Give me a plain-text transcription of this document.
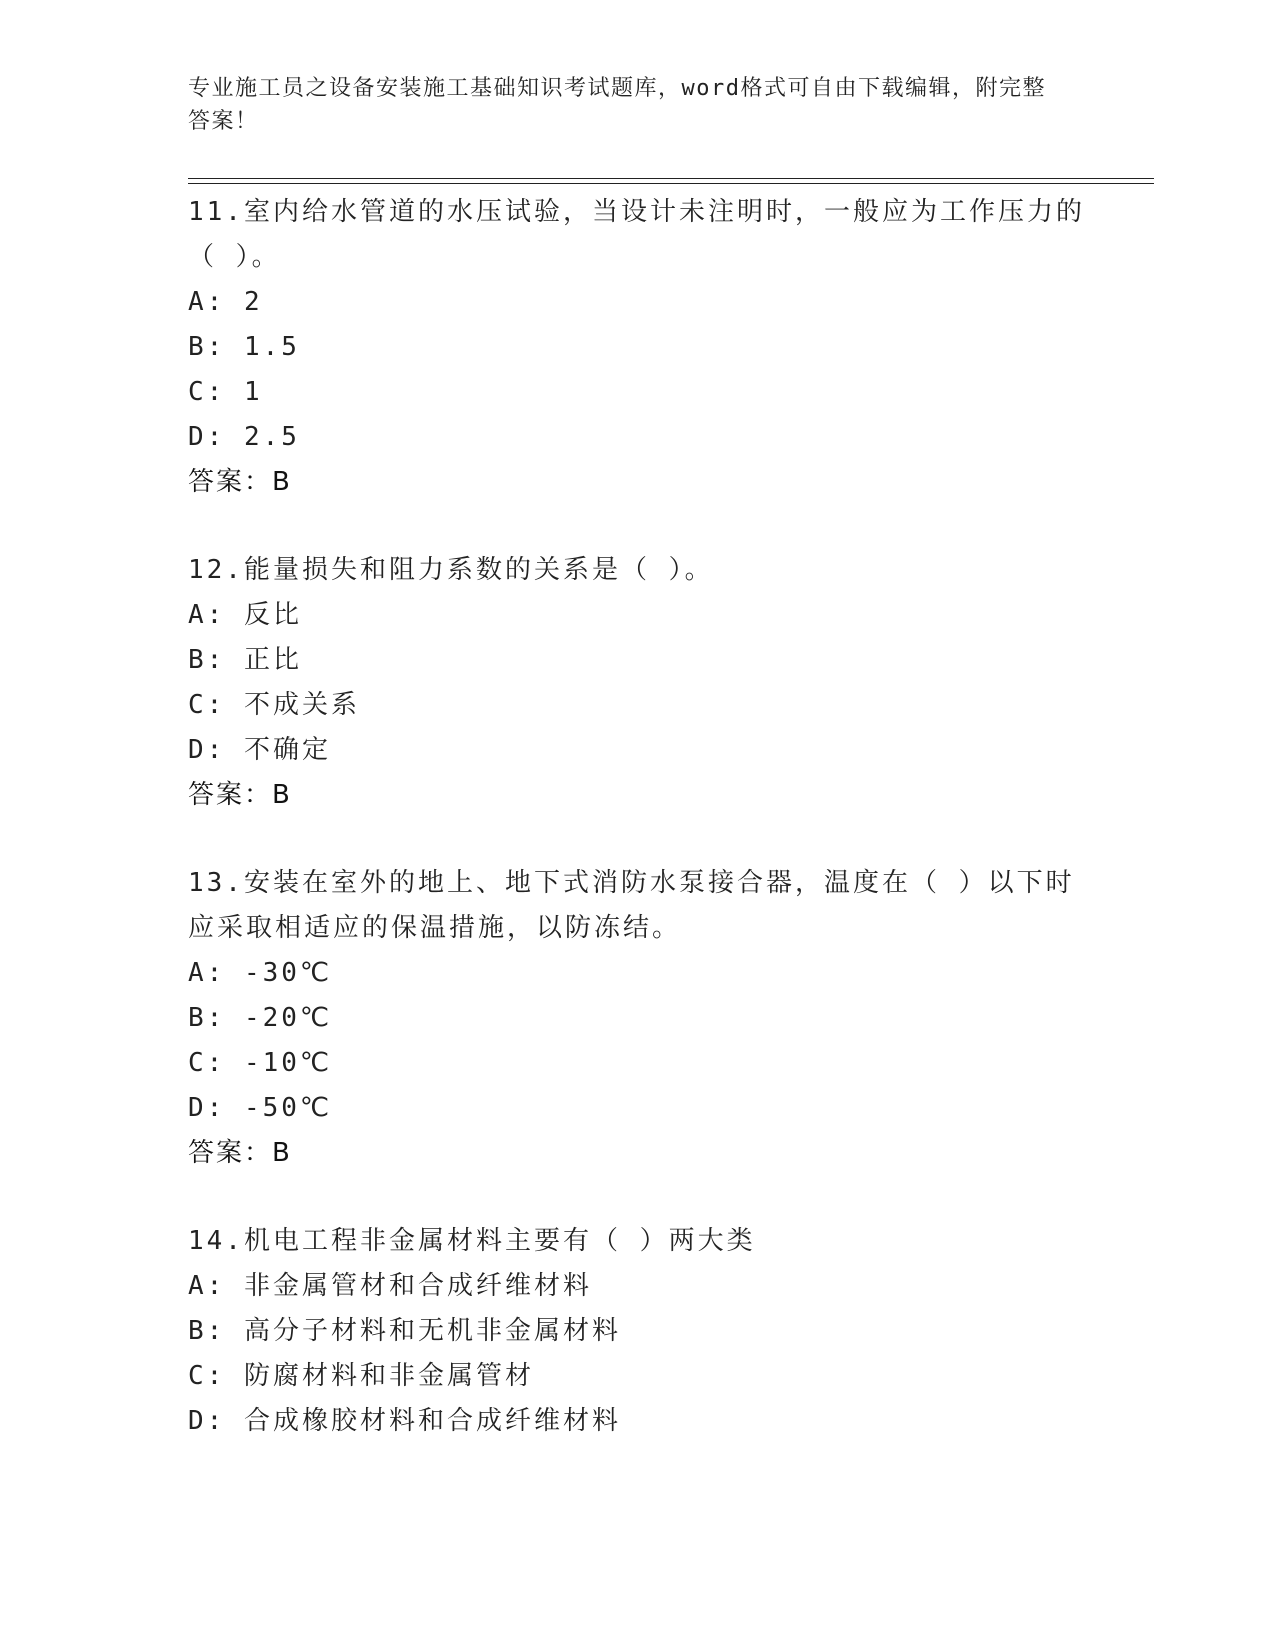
专业施工员之设备安装施工基础知识考试题库，word格式可自由下载编辑，附完整答案！
11.室内给水管道的水压试验，当设计未注明时，一般应为工作压力的（ ）。
A: 2
B: 1.5
C: 1
D: 2.5
答案：B
12.能量损失和阻力系数的关系是（ ）。
A: 反比
B: 正比
C: 不成关系
D: 不确定
答案：B
13.安装在室外的地上、地下式消防水泵接合器，温度在（ ）以下时应采取相适应的保温措施，以防冻结。
A: -30℃
B: -20℃
C: -10℃
D: -50℃
答案：B
14.机电工程非金属材料主要有（ ）两大类
A: 非金属管材和合成纤维材料
B: 高分子材料和无机非金属材料
C: 防腐材料和非金属管材
D: 合成橡胶材料和合成纤维材料
